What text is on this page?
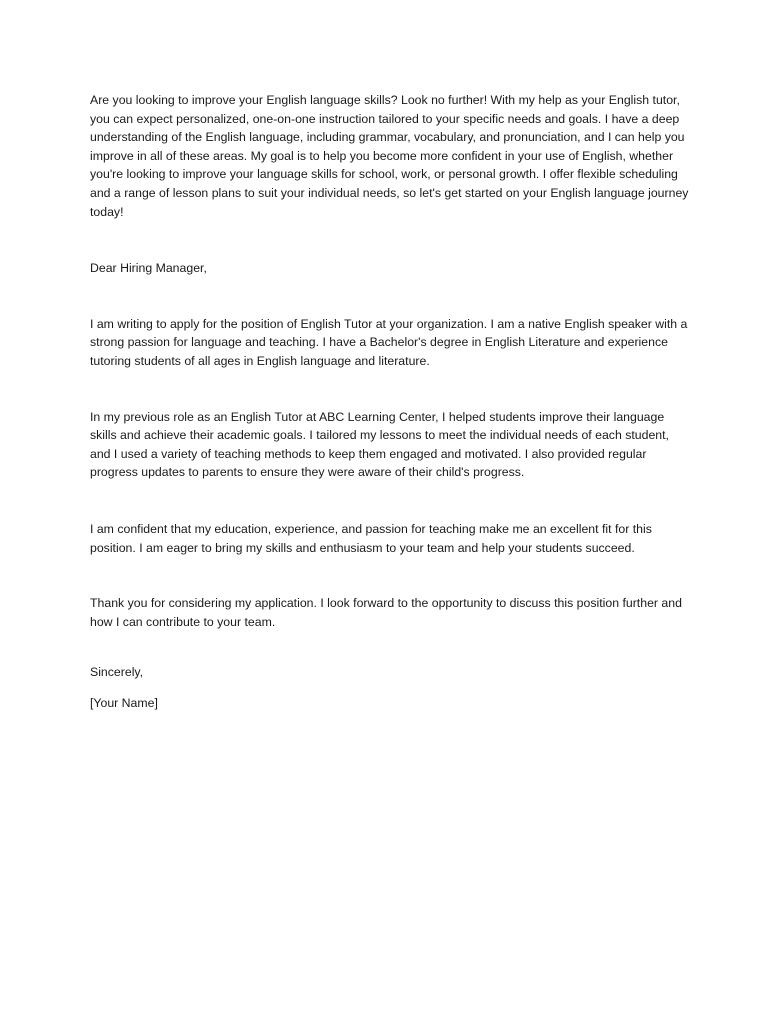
Are you looking to improve your English language skills? Look no further! With my help as your English tutor, you can expect personalized, one-on-one instruction tailored to your specific needs and goals. I have a deep understanding of the English language, including grammar, vocabulary, and pronunciation, and I can help you improve in all of these areas. My goal is to help you become more confident in your use of English, whether you're looking to improve your language skills for school, work, or personal growth. I offer flexible scheduling and a range of lesson plans to suit your individual needs, so let's get started on your English language journey today!

Dear Hiring Manager,

I am writing to apply for the position of English Tutor at your organization. I am a native English speaker with a strong passion for language and teaching. I have a Bachelor's degree in English Literature and experience tutoring students of all ages in English language and literature.

In my previous role as an English Tutor at ABC Learning Center, I helped students improve their language skills and achieve their academic goals. I tailored my lessons to meet the individual needs of each student, and I used a variety of teaching methods to keep them engaged and motivated. I also provided regular progress updates to parents to ensure they were aware of their child's progress.

I am confident that my education, experience, and passion for teaching make me an excellent fit for this position. I am eager to bring my skills and enthusiasm to your team and help your students succeed.

Thank you for considering my application. I look forward to the opportunity to discuss this position further and how I can contribute to your team.

Sincerely,

[Your Name]
